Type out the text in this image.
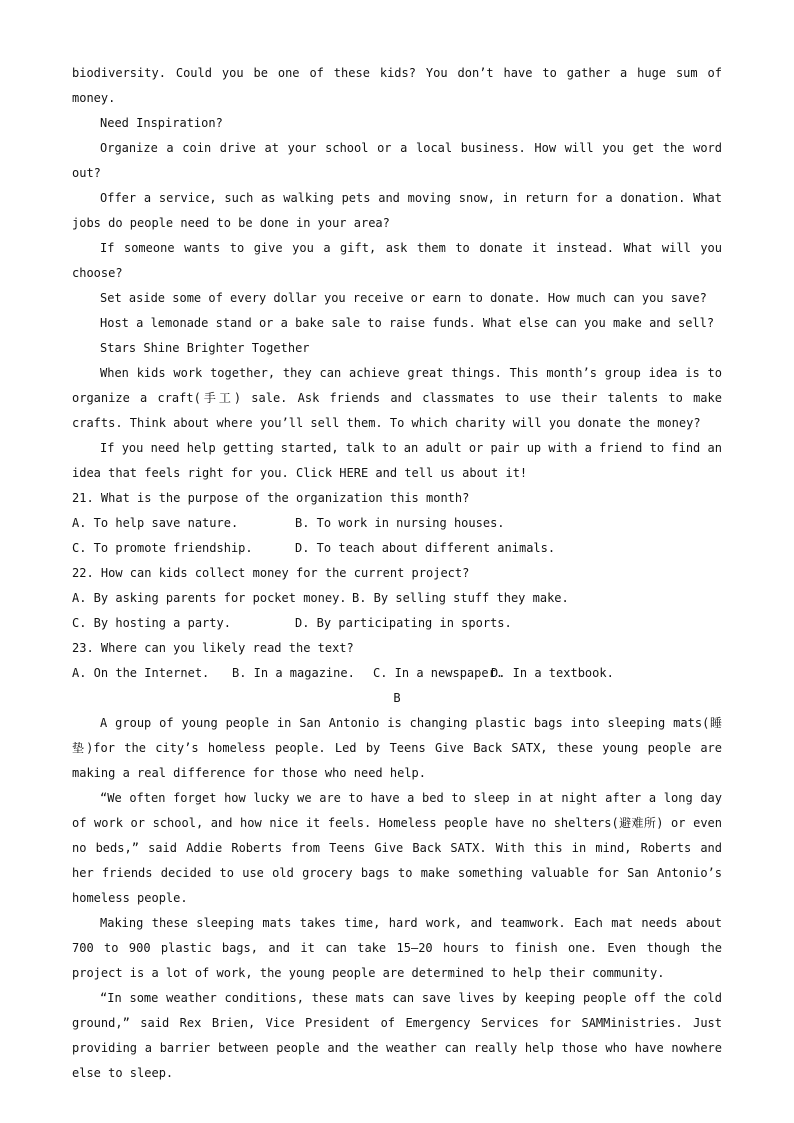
biodiversity. Could you be one of these kids? You don’t have to gather a huge sum of money.

Need Inspiration?

Organize a coin drive at your school or a local business. How will you get the word out?

Offer a service, such as walking pets and moving snow, in return for a donation. What jobs do people need to be done in your area?

If someone wants to give you a gift, ask them to donate it instead. What will you choose?

Set aside some of every dollar you receive or earn to donate. How much can you save?

Host a lemonade stand or a bake sale to raise funds. What else can you make and sell?

Stars Shine Brighter Together

When kids work together, they can achieve great things. This month’s group idea is to organize a craft(手工) sale. Ask friends and classmates to use their talents to make crafts. Think about where you’ll sell them. To which charity will you donate the money?

If you need help getting started, talk to an adult or pair up with a friend to find an idea that feels right for you. Click HERE and tell us about it!

21. What is the purpose of the organization this month?

A. To help save nature.	B. To work in nursing houses.
C. To promote friendship.	D. To teach about different animals.

22. How can kids collect money for the current project?

A. By asking parents for pocket money. B. By selling stuff they make.
C. By hosting a party.	D. By participating in sports.

23. Where can you likely read the text?

A. On the Internet.	B. In a magazine.	C. In a newspaper.
D. In a textbook.

B

A group of young people in San Antonio is changing plastic bags into sleeping mats(睡垫)for the city’s homeless people. Led by Teens Give Back SATX, these young people are making a real difference for those who need help.

“We often forget how lucky we are to have a bed to sleep in at night after a long day of work or school, and how nice it feels. Homeless people have no shelters(避难所) or even no beds,” said Addie Roberts from Teens Give Back SATX. With this in mind, Roberts and her friends decided to use old grocery bags to make something valuable for San Antonio’s homeless people.

Making these sleeping mats takes time, hard work, and teamwork. Each mat needs about 700 to 900 plastic bags, and it can take 15—20 hours to finish one. Even though the project is a lot of work, the young people are determined to help their community.

“In some weather conditions, these mats can save lives by keeping people off the cold ground,” said Rex Brien, Vice President of Emergency Services for SAMMinistries. Just providing a barrier between people and the weather can really help those who have nowhere else to sleep.
